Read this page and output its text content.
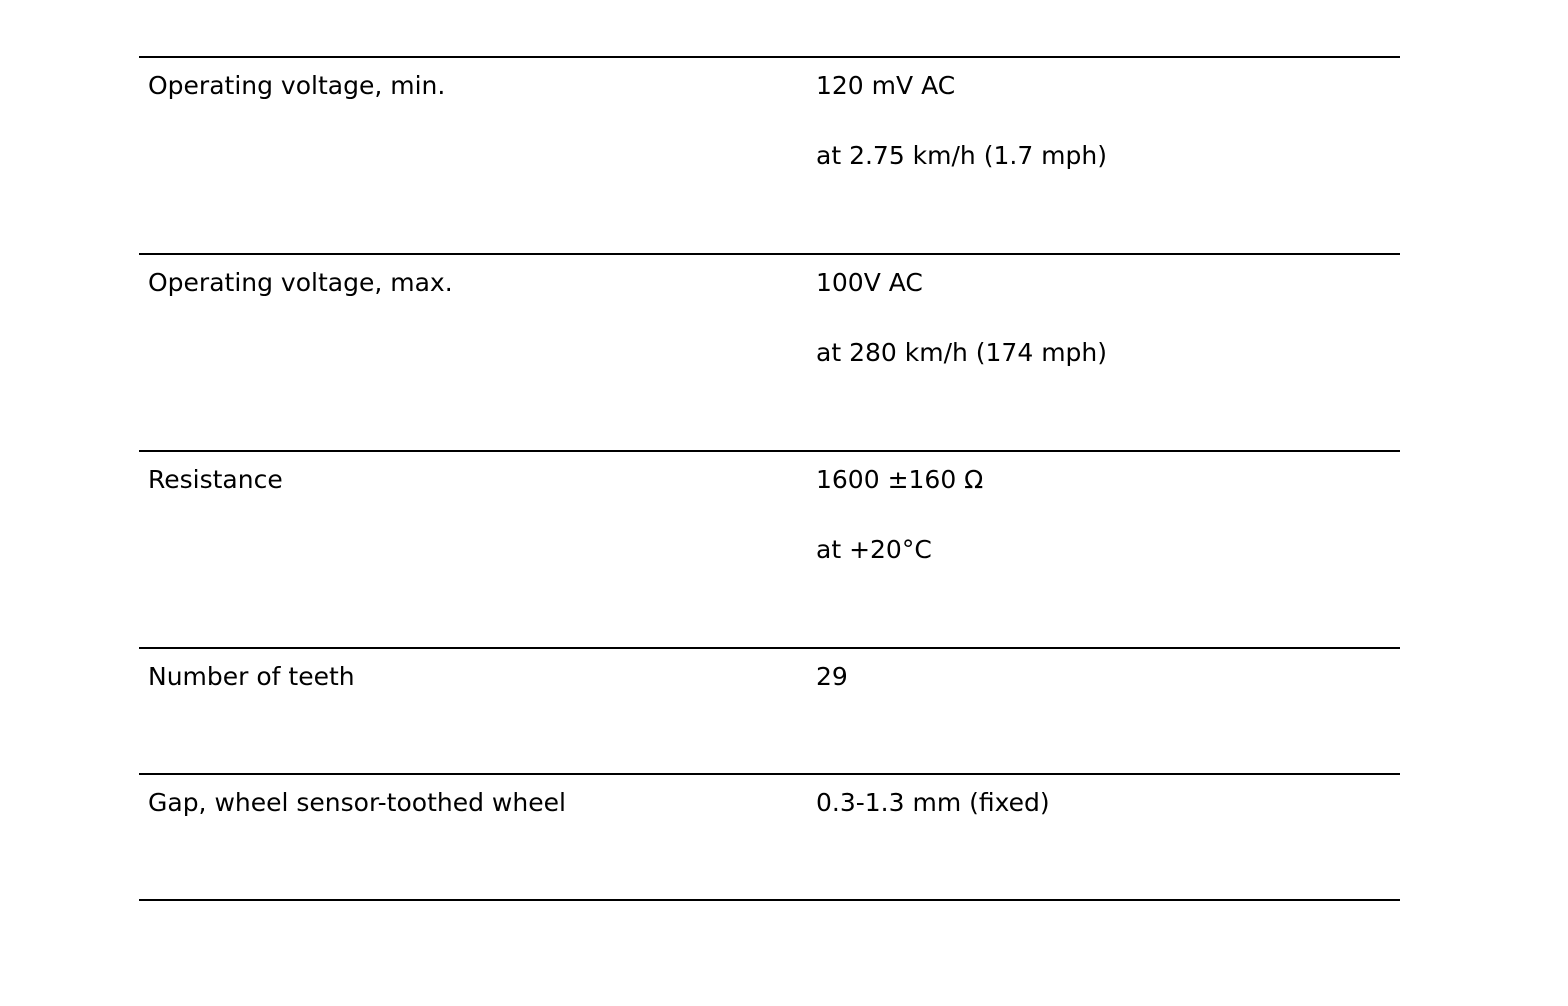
Operating voltage, min.	120 mV AC
at 2.75 km/h (1.7 mph)
Operating voltage, max.	100V AC
at 280 km/h (174 mph)
Resistance	1600 ±160 Ω
at +20°C
Number of teeth	29
Gap, wheel sensor-toothed wheel	0.3-1.3 mm (fixed)
